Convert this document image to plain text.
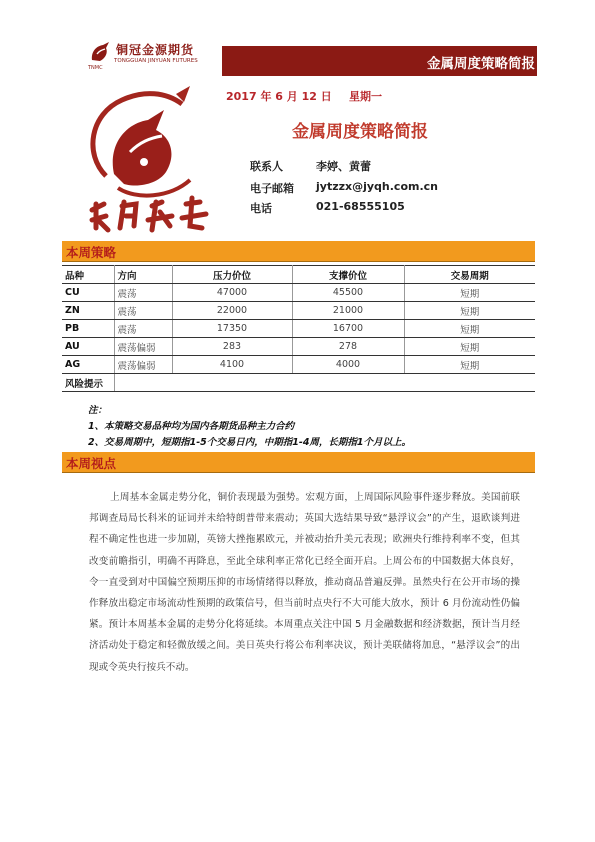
铜冠金源期货
TONGGUAN JINYUAN FUTURES
TNMC	金属周度策略简报
2017 年 6 月 12 日 星期一
金属周度策略简报
联系人	李婷、黄蕾
电子邮箱 jytzzx@jyqh.com.cn
电话	021-68555105
本周策略
品种	方向	压力价位	支撑价位	交易周期
CU	震荡	47000	45500	短期
ZN	震荡	22000	21000	短期
PB	震荡	17350	16700	短期
AU	震荡偏弱	283	278	短期
AG	震荡偏弱	4100	4000	短期
风险提示				
注：
1、本策略交易品种均为国内各期货品种主力合约
2、交易周期中，短期指1-5个交易日内，中期指1-4周，长期指1个月以上。
本周视点
上周基本金属走势分化，铜价表现最为强势。宏观方面，上周国际风险事件逐步释放。美国前联邦调查局局长科米的证词并未给特朗普带来震动；英国大选结果导致“悬浮议会”的产生，退欧谈判进程不确定性也进一步加剧，英镑大挫拖累欧元，并被动抬升美元表现；欧洲央行维持利率不变，但其改变前瞻指引，明确不再降息，至此全球利率正常化已经全面开启。上周公布的中国数据大体良好，令一直受到对中国偏空预期压抑的市场情绪得以释放，推动商品普遍反弹。虽然央行在公开市场的操作释放出稳定市场流动性预期的政策信号，但当前时点央行不大可能大放水，预计 6 月份流动性仍偏紧。预计本周基本金属的走势分化将延续。本周重点关注中国 5 月金融数据和经济数据，预计当月经济活动处于稳定和轻微放缓之间。美日英央行将公布利率决议，预计美联储将加息，“悬浮议会”的出现或令英央行按兵不动。
